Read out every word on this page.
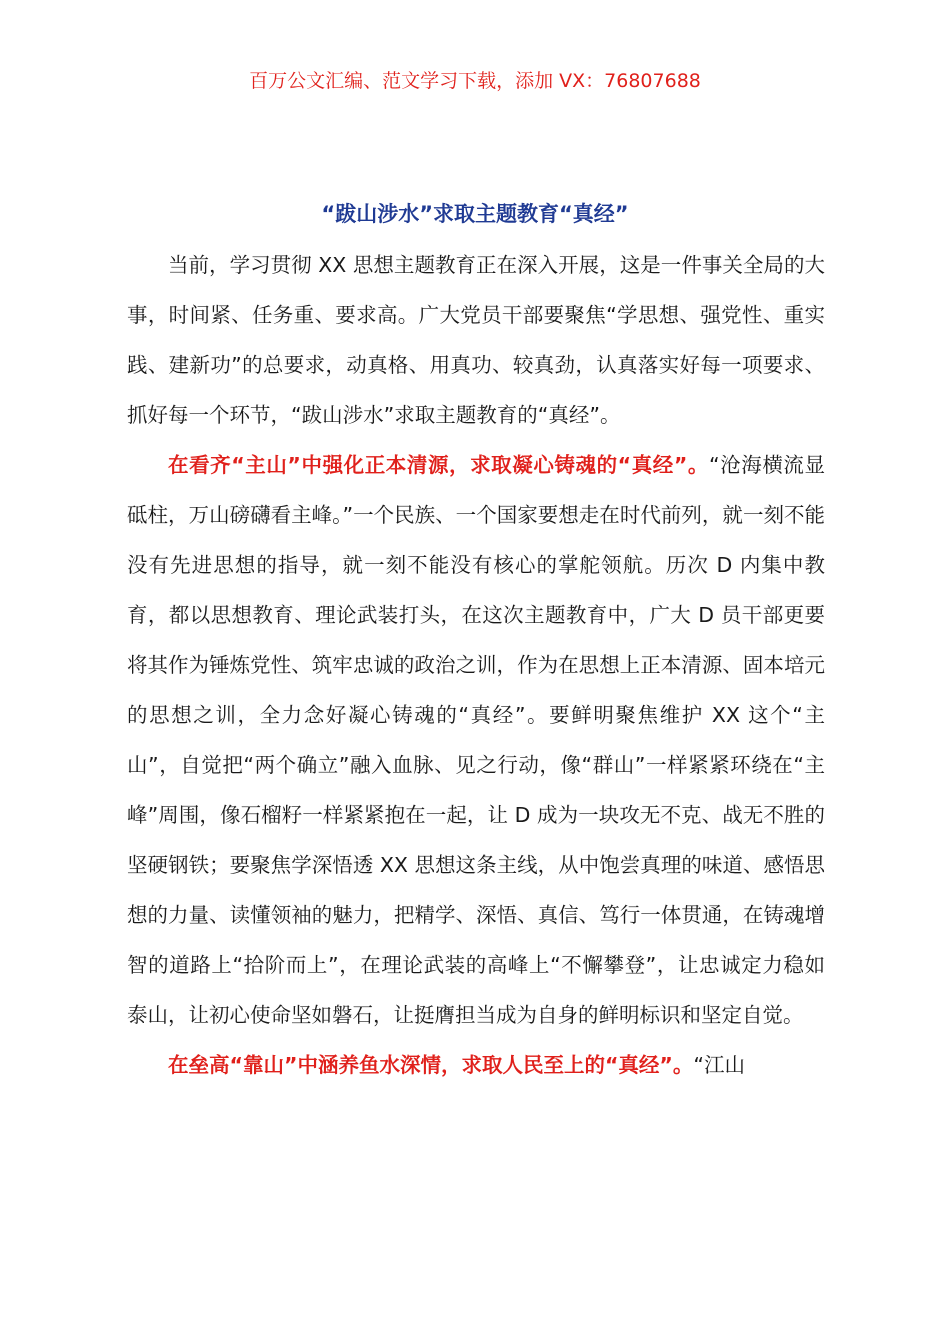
百万公文汇编、范文学习下载，添加 VX：76807688
“跋山涉水”求取主题教育“真经”

当前，学习贯彻 XX 思想主题教育正在深入开展，这是一件事关全局的大事，时间紧、任务重、要求高。广大党员干部要聚焦“学思想、强党性、重实践、建新功”的总要求，动真格、用真功、较真劲，认真落实好每一项要求、抓好每一个环节，“跋山涉水”求取主题教育的“真经”。

在看齐“主山”中强化正本清源，求取凝心铸魂的“真经”。“沧海横流显砥柱，万山磅礴看主峰。”一个民族、一个国家要想走在时代前列，就一刻不能没有先进思想的指导，就一刻不能没有核心的掌舵领航。历次 D 内集中教育，都以思想教育、理论武装打头，在这次主题教育中，广大 D 员干部更要将其作为锤炼党性、筑牢忠诚的政治之训，作为在思想上正本清源、固本培元的思想之训，全力念好凝心铸魂的“真经”。要鲜明聚焦维护 XX 这个“主山”，自觉把“两个确立”融入血脉、见之行动，像“群山”一样紧紧环绕在“主峰”周围，像石榴籽一样紧紧抱在一起，让 D 成为一块攻无不克、战无不胜的坚硬钢铁；要聚焦学深悟透 XX 思想这条主线，从中饱尝真理的味道、感悟思想的力量、读懂领袖的魅力，把精学、深悟、真信、笃行一体贯通，在铸魂增智的道路上“拾阶而上”，在理论武装的高峰上“不懈攀登”，让忠诚定力稳如泰山，让初心使命坚如磐石，让挺膺担当成为自身的鲜明标识和坚定自觉。

在垒高“靠山”中涵养鱼水深情，求取人民至上的“真经”。“江山
